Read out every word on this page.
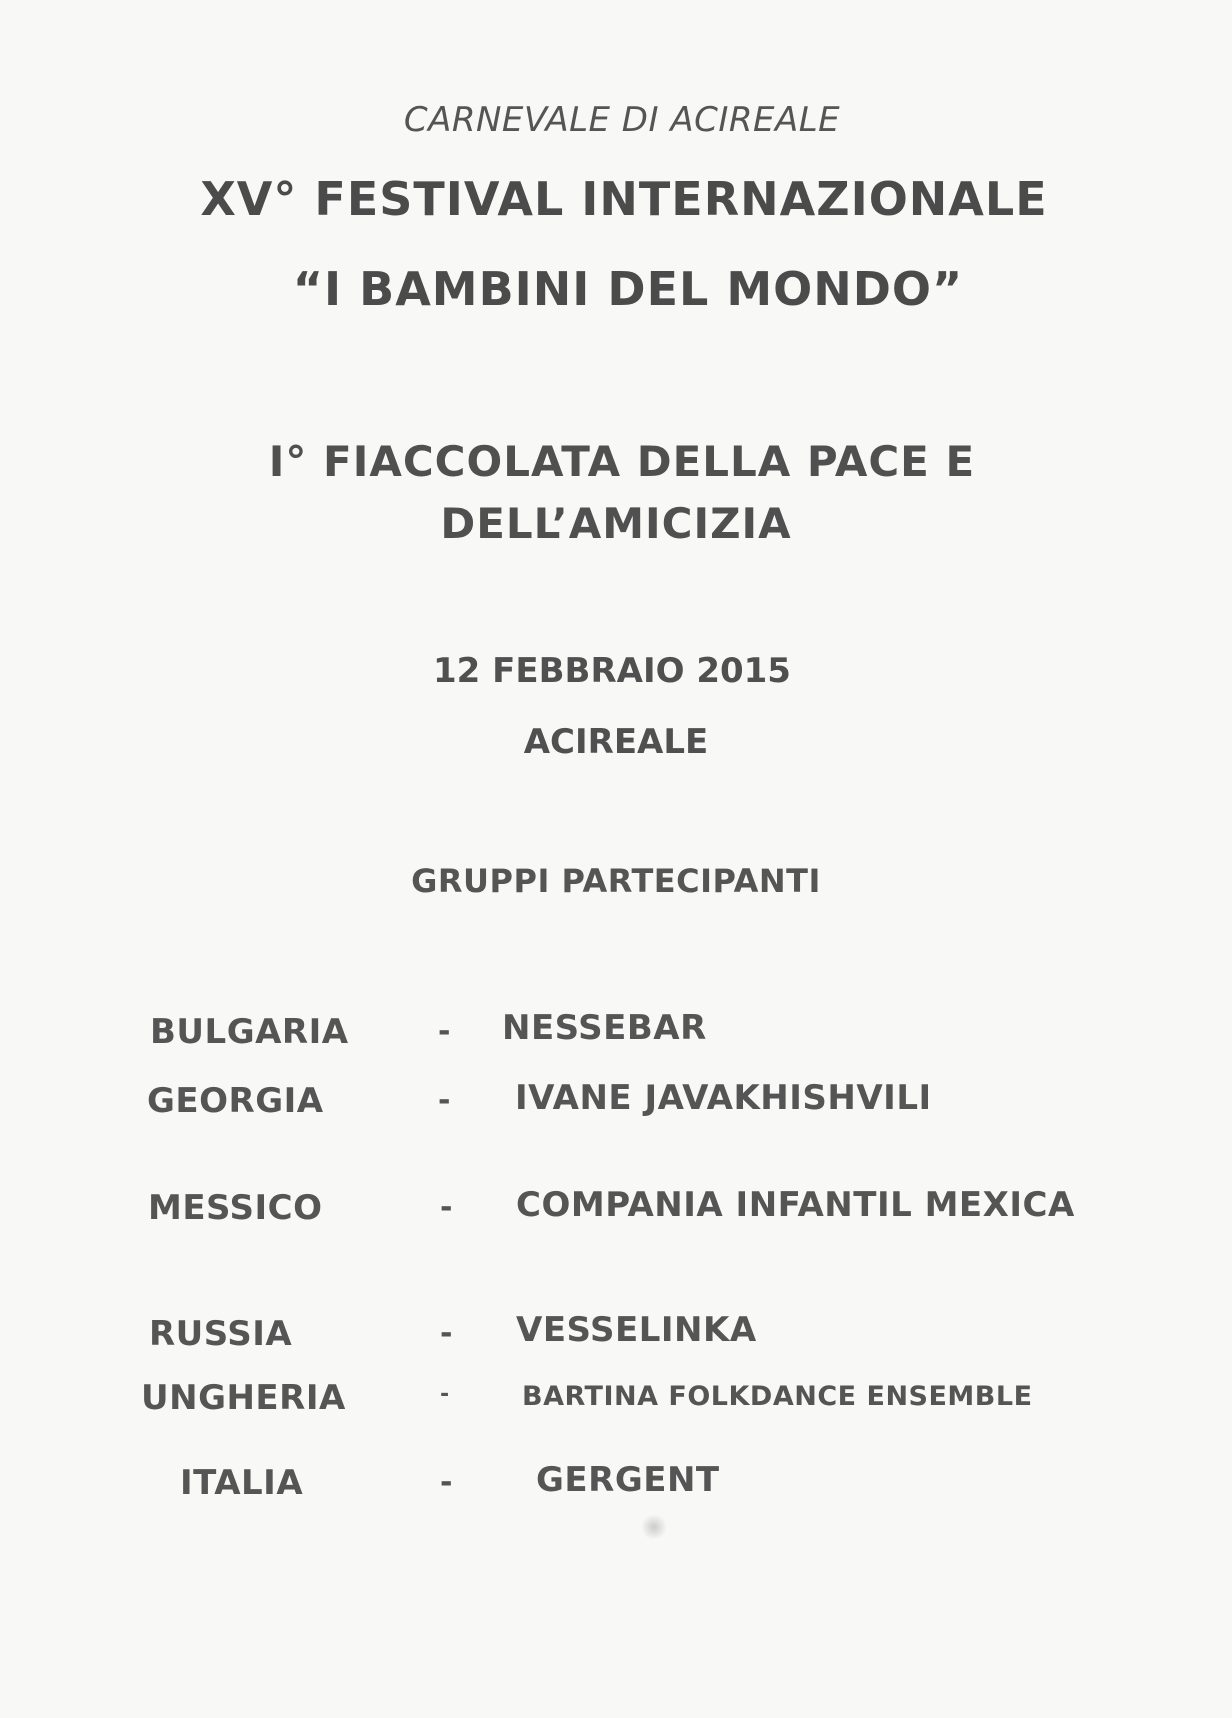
CARNEVALE DI ACIREALE
XV° FESTIVAL INTERNAZIONALE
“I BAMBINI DEL MONDO”
I° FIACCOLATA DELLA PACE E
DELL’AMICIZIA
12 FEBBRAIO 2015
ACIREALE
GRUPPI PARTECIPANTI
BULGARIA	- NESSEBAR
GEORGIA	- IVANE JAVAKHISHVILI
MESSICO	- COMPANIA INFANTIL MEXICA
RUSSIA	- VESSELINKA
UNGHERIA	-	BARTINA FOLKDANCE ENSEMBLE
ITALIA	- GERGENT
